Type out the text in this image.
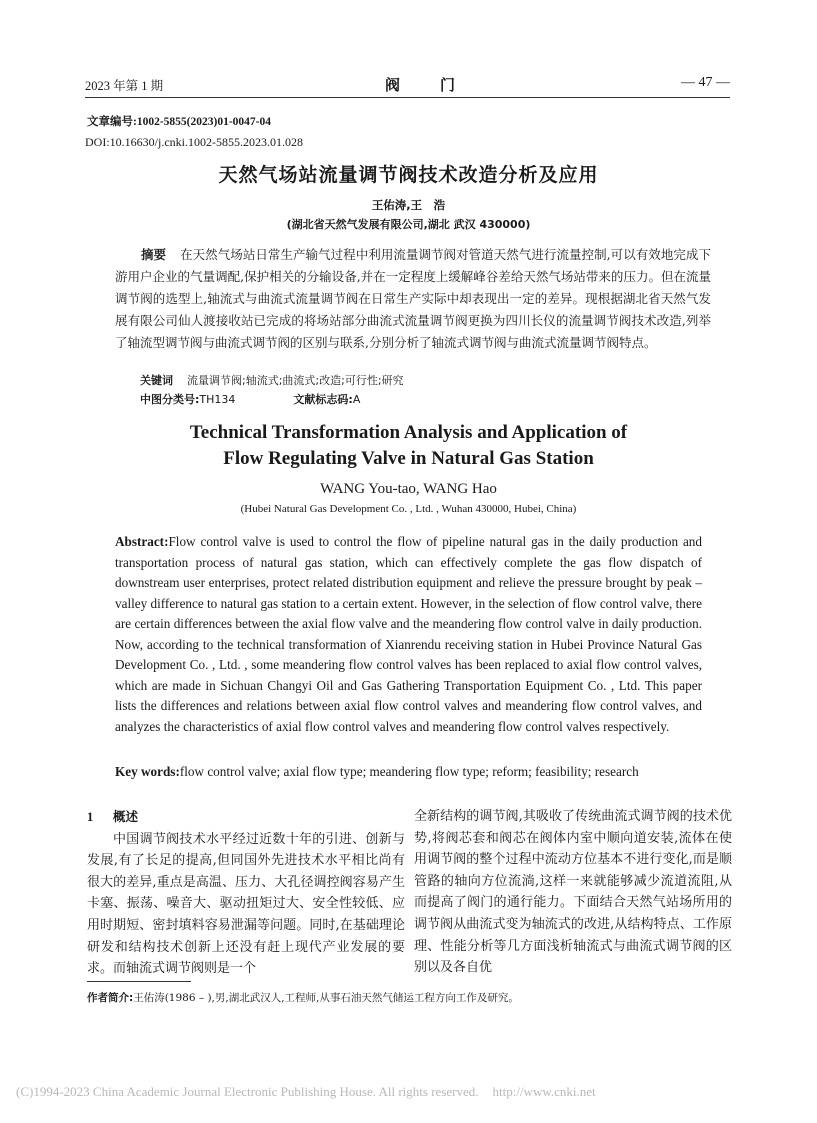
2023 年第 1 期	阀门	— 47 —
文章编号:1002-5855(2023)01-0047-04
DOI:10.16630/j.cnki.1002-5855.2023.01.028
天然气场站流量调节阀技术改造分析及应用
王佑涛,王　浩
(湖北省天然气发展有限公司,湖北 武汉 430000)
摘要 在天然气场站日常生产输气过程中利用流量调节阀对管道天然气进行流量控制,可以有效地完成下游用户企业的气量调配,保护相关的分输设备,并在一定程度上缓解峰谷差给天然气场站带来的压力。但在流量调节阀的选型上,轴流式与曲流式流量调节阀在日常生产实际中却表现出一定的差异。现根据湖北省天然气发展有限公司仙人渡接收站已完成的将场站部分曲流式流量调节阀更换为四川长仪的流量调节阀技术改造,列举了轴流型调节阀与曲流式调节阀的区别与联系,分别分析了轴流式调节阀与曲流式流量调节阀特点。
关键词 流量调节阀;轴流式;曲流式;改造;可行性;研究
中图分类号:TH134	文献标志码:A
Technical Transformation Analysis and Application of
Flow Regulating Valve in Natural Gas Station
WANG You-tao, WANG Hao
(Hubei Natural Gas Development Co. , Ltd. , Wuhan 430000, Hubei, China)
Abstract:Flow control valve is used to control the flow of pipeline natural gas in the daily production and transportation process of natural gas station, which can effectively complete the gas flow dispatch of downstream user enterprises, protect related distribution equipment and relieve the pressure brought by peak – valley difference to natural gas station to a certain extent. However, in the selection of flow control valve, there are certain differences between the axial flow valve and the meandering flow control valve in daily production. Now, according to the technical transformation of Xianrendu receiving station in Hubei Province Natural Gas Development Co. , Ltd. , some meandering flow control valves has been replaced to axial flow control valves, which are made in Sichuan Changyi Oil and Gas Gathering Transportation Equipment Co. , Ltd. This paper lists the differences and relations between axial flow control valves and meandering flow control valves, and analyzes the characteristics of axial flow control valves and meandering flow control valves respectively.
Key words:flow control valve; axial flow type; meandering flow type; reform; feasibility; research
1 概述
中国调节阀技术水平经过近数十年的引进、创新与发展,有了长足的提高,但同国外先进技术水平相比尚有很大的差异,重点是高温、压力、大孔径调控阀容易产生卡塞、振荡、噪音大、驱动扭矩过大、安全性较低、应用时期短、密封填料容易泄漏等问题。同时,在基础理论研发和结构技术创新上还没有赶上现代产业发展的要求。而轴流式调节阀则是一个
全新结构的调节阀,其吸收了传统曲流式调节阀的技术优势,将阀芯套和阀芯在阀体内室中顺向道安装,流体在使用调节阀的整个过程中流动方位基本不进行变化,而是顺管路的轴向方位流淌,这样一来就能够减少流道流阻,从而提高了阀门的通行能力。下面结合天然气站场所用的调节阀从曲流式变为轴流式的改进,从结构特点、工作原理、性能分析等几方面浅析轴流式与曲流式调节阀的区别以及各自优
作者简介:王佑涛(1986 – ),男,湖北武汉人,工程师,从事石油天然气储运工程方向工作及研究。
(C)1994-2023 China Academic Journal Electronic Publishing House. All rights reserved. http://www.cnki.net
